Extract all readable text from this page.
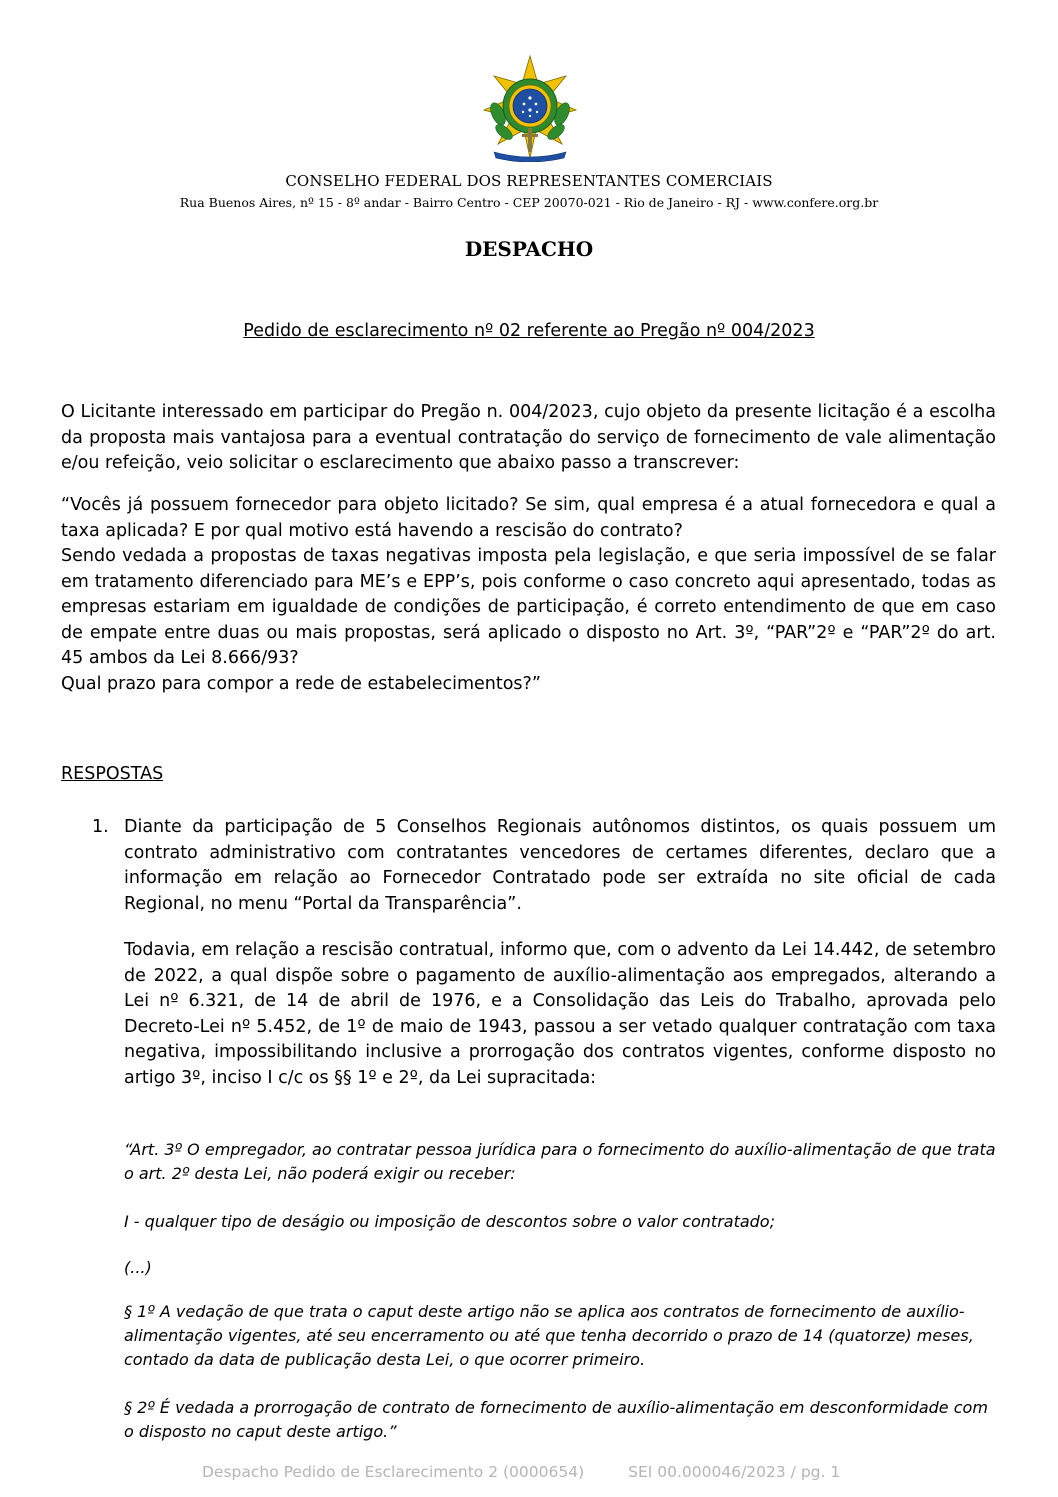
CONSELHO FEDERAL DOS REPRESENTANTES COMERCIAIS
Rua Buenos Aires, nº 15 - 8º andar - Bairro Centro - CEP 20070-021 - Rio de Janeiro - RJ - www.confere.org.br
DESPACHO
Pedido de esclarecimento nº 02 referente ao Pregão nº 004/2023
O Licitante interessado em participar do Pregão n. 004/2023, cujo objeto da presente licitação é a escolha da proposta mais vantajosa para a eventual contratação do serviço de fornecimento de vale alimentação e/ou refeição, veio solicitar o esclarecimento que abaixo passo a transcrever:
“Vocês já possuem fornecedor para objeto licitado? Se sim, qual empresa é a atual fornecedora e qual a taxa aplicada? E por qual motivo está havendo a rescisão do contrato?
Sendo vedada a propostas de taxas negativas imposta pela legislação, e que seria impossível de se falar em tratamento diferenciado para ME’s e EPP’s, pois conforme o caso concreto aqui apresentado, todas as empresas estariam em igualdade de condições de participação, é correto entendimento de que em caso de empate entre duas ou mais propostas, será aplicado o disposto no Art. 3º, “PAR”2º e “PAR”2º do art. 45 ambos da Lei 8.666/93?
Qual prazo para compor a rede de estabelecimentos?”
RESPOSTAS
1. Diante da participação de 5 Conselhos Regionais autônomos distintos, os quais possuem um contrato administrativo com contratantes vencedores de certames diferentes, declaro que a informação em relação ao Fornecedor Contratado pode ser extraída no site oficial de cada Regional, no menu “Portal da Transparência”.
Todavia, em relação a rescisão contratual, informo que, com o advento da Lei 14.442, de setembro de 2022, a qual dispõe sobre o pagamento de auxílio-alimentação aos empregados, alterando a Lei nº 6.321, de 14 de abril de 1976, e a Consolidação das Leis do Trabalho, aprovada pelo Decreto-Lei nº 5.452, de 1º de maio de 1943, passou a ser vetado qualquer contratação com taxa negativa, impossibilitando inclusive a prorrogação dos contratos vigentes, conforme disposto no artigo 3º, inciso I c/c os §§ 1º e 2º, da Lei supracitada:
“Art. 3º O empregador, ao contratar pessoa jurídica para o fornecimento do auxílio-alimentação de que trata o art. 2º desta Lei, não poderá exigir ou receber:
I - qualquer tipo de deságio ou imposição de descontos sobre o valor contratado;
(...)
§ 1º A vedação de que trata o caput deste artigo não se aplica aos contratos de fornecimento de auxílio-alimentação vigentes, até seu encerramento ou até que tenha decorrido o prazo de 14 (quatorze) meses, contado da data de publicação desta Lei, o que ocorrer primeiro.
§ 2º É vedada a prorrogação de contrato de fornecimento de auxílio-alimentação em desconformidade com o disposto no caput deste artigo.”
Despacho Pedido de Esclarecimento 2 (0000654)	SEI 00.000046/2023 / pg. 1
